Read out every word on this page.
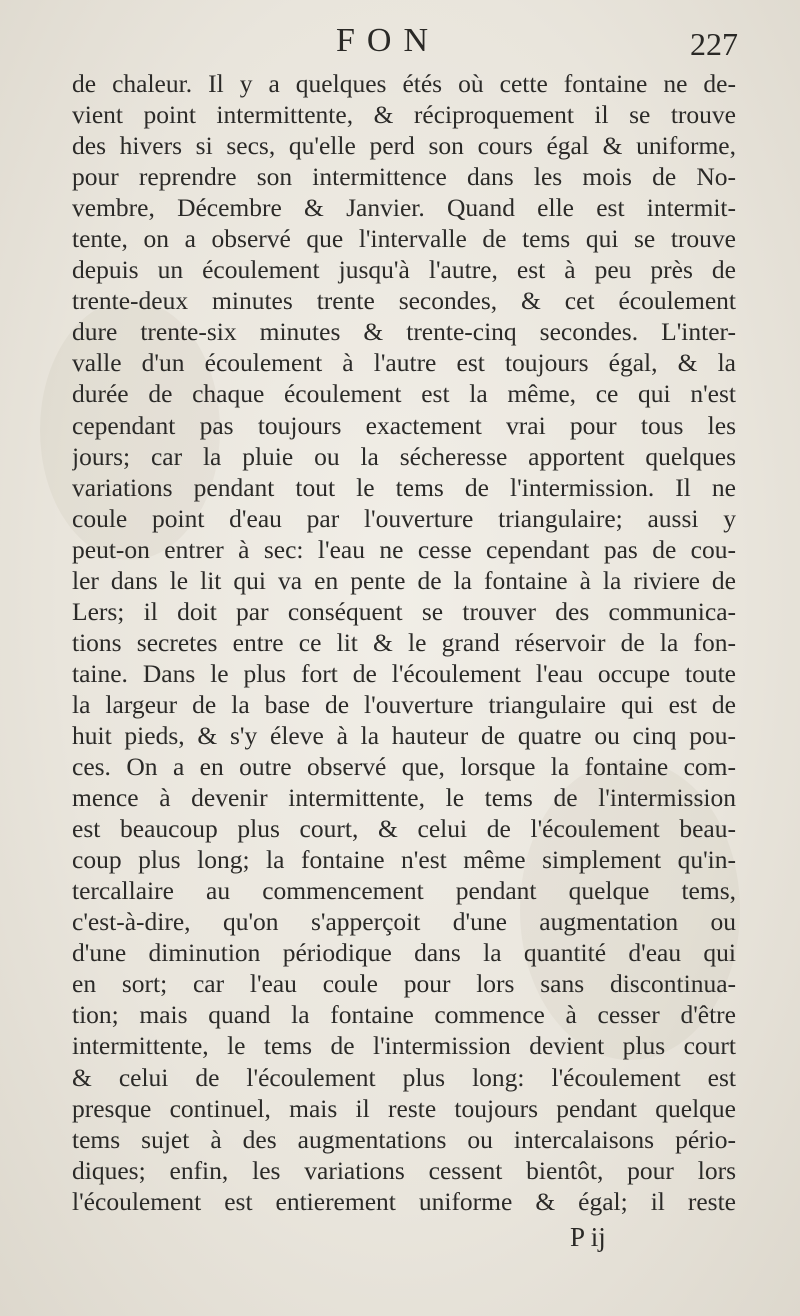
FON	227
de chaleur. Il y a quelques étés où cette fontaine ne de-
vient point intermittente, & réciproquement il se trouve
des hivers si secs, qu'elle perd son cours égal & uniforme,
pour reprendre son intermittence dans les mois de No-
vembre, Décembre & Janvier. Quand elle est intermit-
tente, on a observé que l'intervalle de tems qui se trouve
depuis un écoulement jusqu'à l'autre, est à peu près de
trente-deux minutes trente secondes, & cet écoulement
dure trente-six minutes & trente-cinq secondes. L'inter-
valle d'un écoulement à l'autre est toujours égal, & la
durée de chaque écoulement est la même, ce qui n'est
cependant pas toujours exactement vrai pour tous les
jours; car la pluie ou la sécheresse apportent quelques
variations pendant tout le tems de l'intermission. Il ne
coule point d'eau par l'ouverture triangulaire; aussi y
peut-on entrer à sec: l'eau ne cesse cependant pas de cou-
ler dans le lit qui va en pente de la fontaine à la riviere de
Lers; il doit par conséquent se trouver des communica-
tions secretes entre ce lit & le grand réservoir de la fon-
taine. Dans le plus fort de l'écoulement l'eau occupe toute
la largeur de la base de l'ouverture triangulaire qui est de
huit pieds, & s'y éleve à la hauteur de quatre ou cinq pou-
ces. On a en outre observé que, lorsque la fontaine com-
mence à devenir intermittente, le tems de l'intermission
est beaucoup plus court, & celui de l'écoulement beau-
coup plus long; la fontaine n'est même simplement qu'in-
tercallaire au commencement pendant quelque tems,
c'est-à-dire, qu'on s'apperçoit d'une augmentation ou
d'une diminution périodique dans la quantité d'eau qui
en sort; car l'eau coule pour lors sans discontinua-
tion; mais quand la fontaine commence à cesser d'être
intermittente, le tems de l'intermission devient plus court
& celui de l'écoulement plus long: l'écoulement est
presque continuel, mais il reste toujours pendant quelque
tems sujet à des augmentations ou intercalaisons pério-
diques; enfin, les variations cessent bientôt, pour lors
l'écoulement est entierement uniforme & égal; il reste
P ij
